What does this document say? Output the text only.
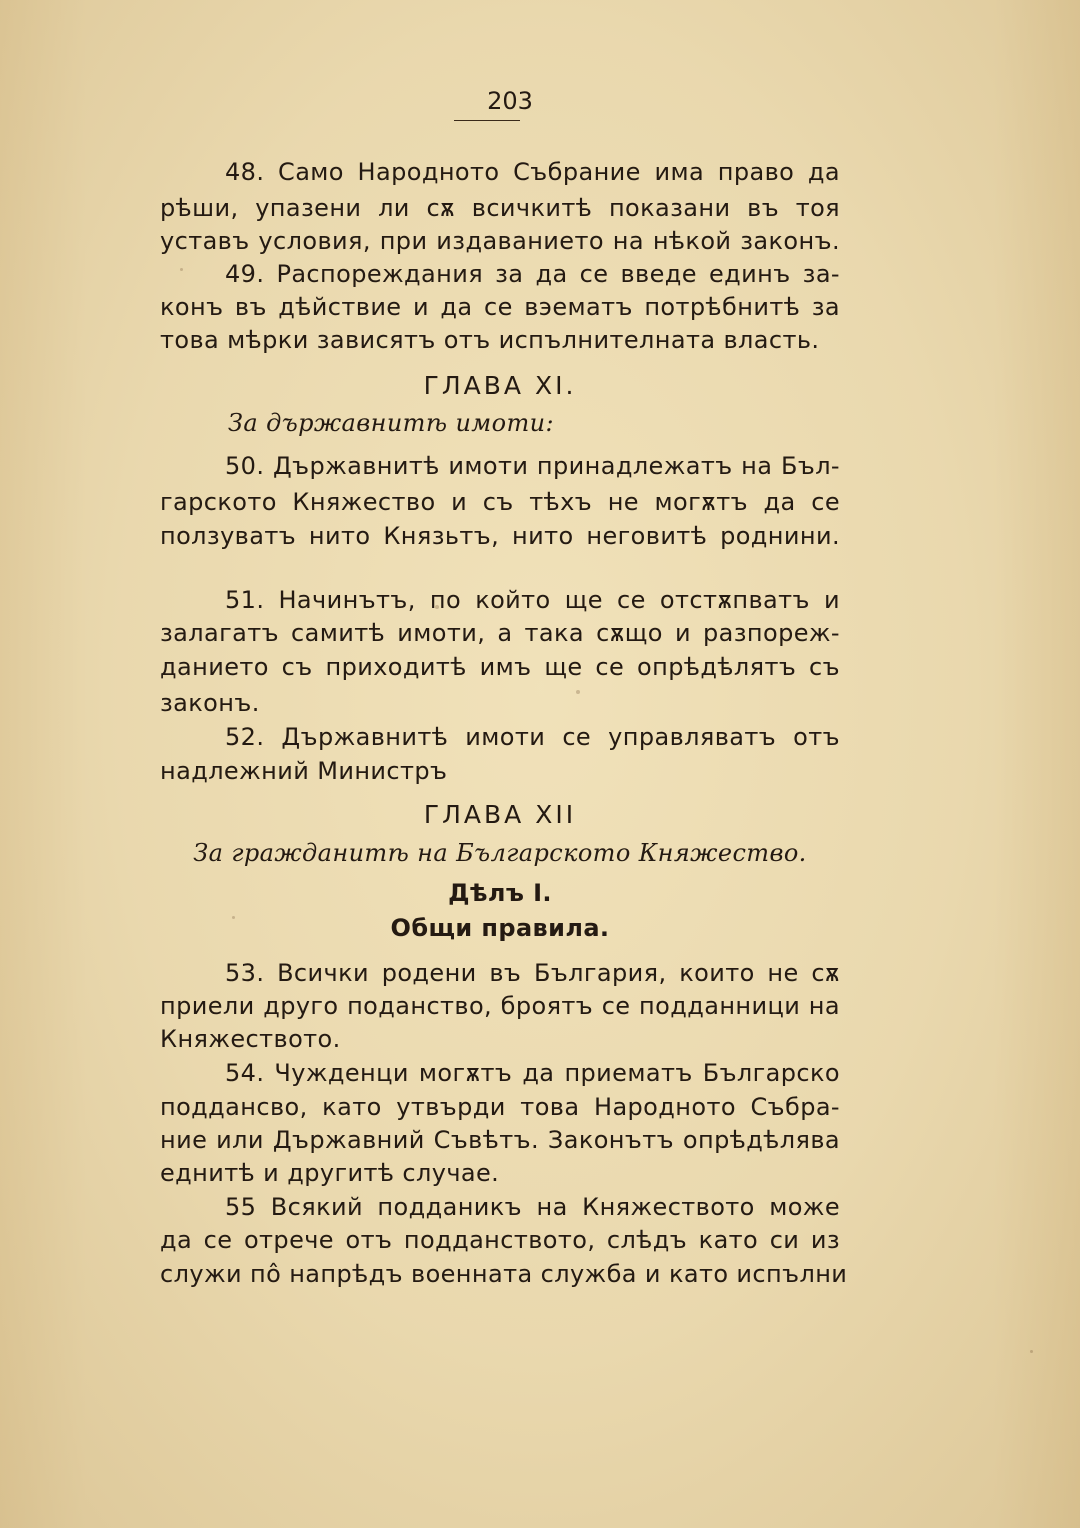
203
48. Само Народното Събрание има право да
рѣши, упазени ли сѫ всичкитѣ показани въ тоя
уставъ условия, при издаванието на нѣкой законъ.
49. Распореждания за да се введе единъ за-
конъ въ дѣйствие и да се вэематъ потрѣбнитѣ за
това мѣрки зависятъ отъ испълнителната власть.
ГЛАВА XI.
За държавнитѣ имоти:
50. Държавнитѣ имоти принадлежатъ на Бъл-
гарското Княжество и съ тѣхъ не могѫтъ да се
ползуватъ нито Князьтъ, нито неговитѣ роднини.
51. Начинътъ, по който ще се отстѫпватъ и
залагатъ самитѣ имоти, а така сѫщо и разпореж-
данието съ приходитѣ имъ ще се опрѣдѣлятъ съ
законъ.
52. Държавнитѣ имоти се управляватъ отъ
надлежний Министръ
ГЛАВА XII
За гражданитѣ на Българското Княжество.
Дѣлъ I.
Общи правила.
53. Всички родени въ България, които не сѫ
приели друго поданство, броятъ се подданници на
Княжеството.
54. Чужденци могѫтъ да приематъ Българско
поддансво, като утвърди това Народното Събра-
ние или Държавний Съвѣтъ. Законътъ опрѣдѣлява
еднитѣ и другитѣ случае.
55 Всякий подданикъ на Княжеството може
да се отрече отъ подданството, слѣдъ като си из
служи пô напрѣдъ военната служба и като испълни
